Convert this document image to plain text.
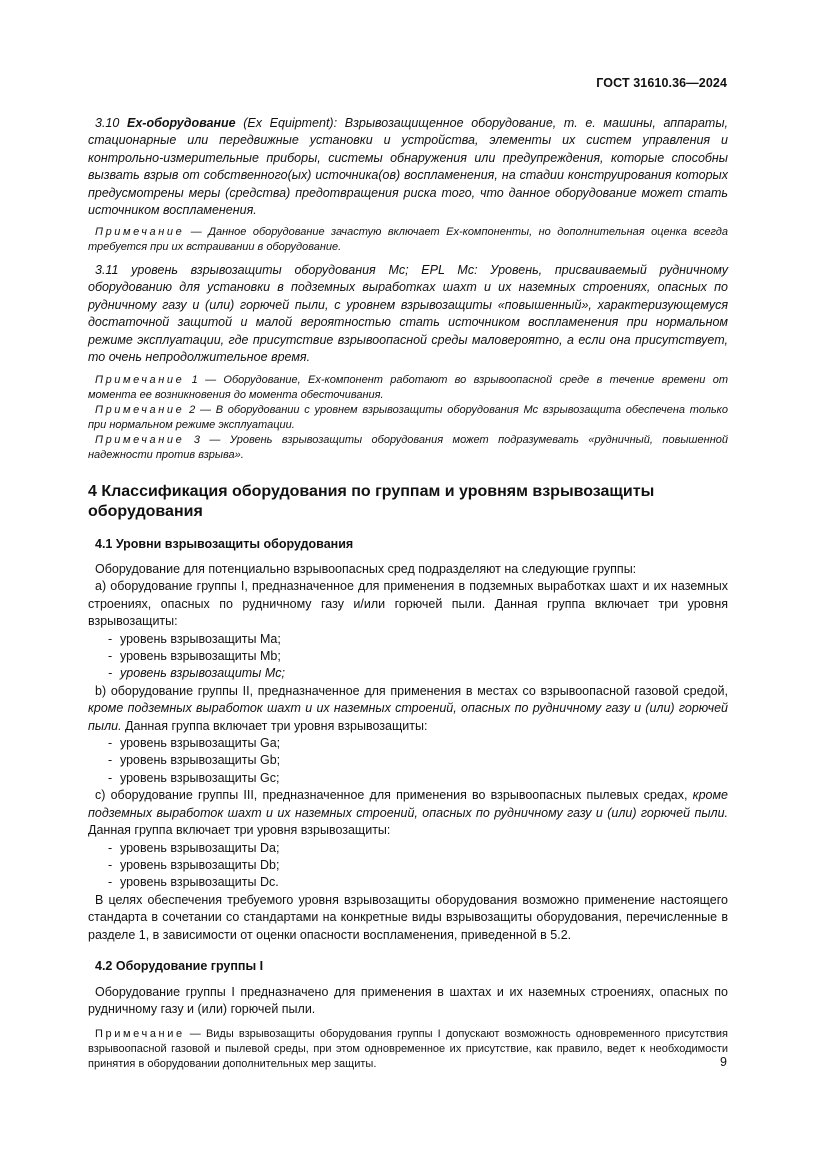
ГОСТ 31610.36—2024

3.10 Ex-оборудование (Ex Equipment): Взрывозащищенное оборудование, т. е. машины, аппараты, стационарные или передвижные установки и устройства, элементы их систем управления и контрольно-измерительные приборы, системы обнаружения или предупреждения, которые способны вызвать взрыв от собственного(ых) источника(ов) воспламенения, на стадии конструирования которых предусмотрены меры (средства) предотвращения риска того, что данное оборудование может стать источником воспламенения.

Примечание — Данное оборудование зачастую включает Ex-компоненты, но дополнительная оценка всегда требуется при их встраивании в оборудование.

3.11 уровень взрывозащиты оборудования Mc; EPL Mc: Уровень, присваиваемый рудничному оборудованию для установки в подземных выработках шахт и их наземных строениях, опасных по рудничному газу и (или) горючей пыли, с уровнем взрывозащиты «повышенный», характеризующемуся достаточной защитой и малой вероятностью стать источником воспламенения при нормальном режиме эксплуатации, где присутствие взрывоопасной среды маловероятно, а если она присутствует, то очень непродолжительное время.

Примечание 1 — Оборудование, Ex-компонент работают во взрывоопасной среде в течение времени от момента ее возникновения до момента обесточивания.

Примечание 2 — В оборудовании с уровнем взрывозащиты оборудования Mc взрывозащита обеспечена только при нормальном режиме эксплуатации.

Примечание 3 — Уровень взрывозащиты оборудования может подразумевать «рудничный, повышенной надежности против взрыва».

4 Классификация оборудования по группам и уровням взрывозащиты оборудования
4.1 Уровни взрывозащиты оборудования

Оборудование для потенциально взрывоопасных сред подразделяют на следующие группы:

a) оборудование группы I, предназначенное для применения в подземных выработках шахт и их наземных строениях, опасных по рудничному газу и/или горючей пыли. Данная группа включает три уровня взрывозащиты:

- уровень взрывозащиты Ma;

- уровень взрывозащиты Mb;

- уровень взрывозащиты Mc;

b) оборудование группы II, предназначенное для применения в местах со взрывоопасной газовой средой, кроме подземных выработок шахт и их наземных строений, опасных по рудничному газу и (или) горючей пыли. Данная группа включает три уровня взрывозащиты:

- уровень взрывозащиты Ga;

- уровень взрывозащиты Gb;

- уровень взрывозащиты Gc;

c) оборудование группы III, предназначенное для применения во взрывоопасных пылевых средах, кроме подземных выработок шахт и их наземных строений, опасных по рудничному газу и (или) горючей пыли. Данная группа включает три уровня взрывозащиты:

- уровень взрывозащиты Da;

- уровень взрывозащиты Db;

- уровень взрывозащиты Dc.

В целях обеспечения требуемого уровня взрывозащиты оборудования возможно применение настоящего стандарта в сочетании со стандартами на конкретные виды взрывозащиты оборудования, перечисленные в разделе 1, в зависимости от оценки опасности воспламенения, приведенной в 5.2.

4.2 Оборудование группы I

Оборудование группы I предназначено для применения в шахтах и их наземных строениях, опасных по рудничному газу и (или) горючей пыли.

Примечание — Виды взрывозащиты оборудования группы I допускают возможность одновременного присутствия взрывоопасной газовой и пылевой среды, при этом одновременное их присутствие, как правило, ведет к необходимости принятия в оборудовании дополнительных мер защиты.	9
